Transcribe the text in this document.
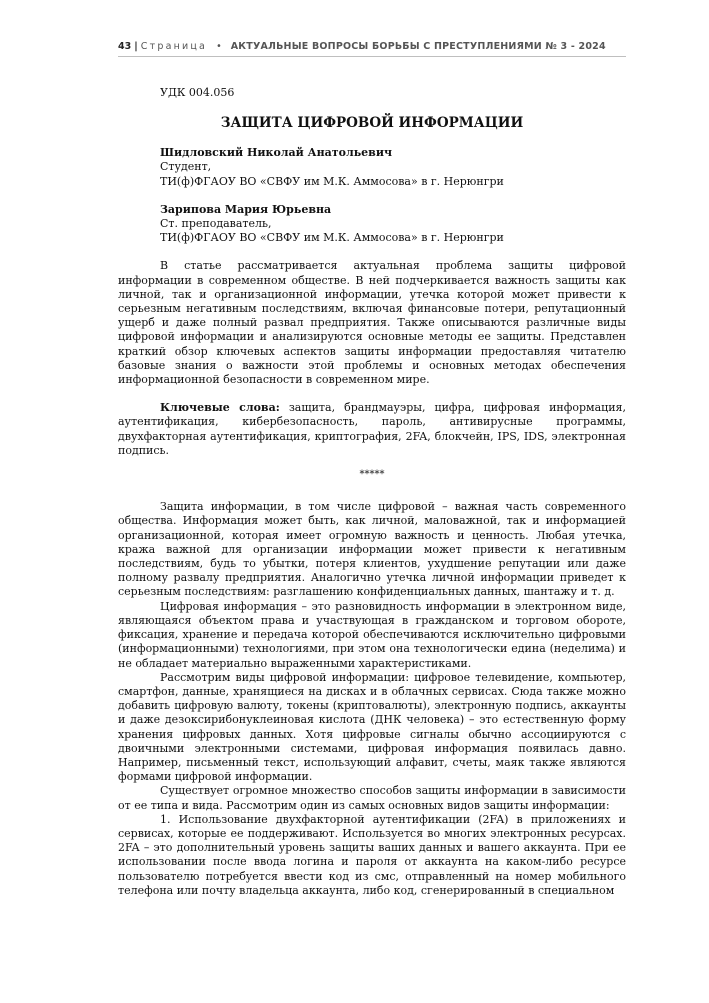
43 | Страница • АКТУАЛЬНЫЕ ВОПРОСЫ БОРЬБЫ С ПРЕСТУПЛЕНИЯМИ № 3 - 2024
УДК 004.056
ЗАЩИТА ЦИФРОВОЙ ИНФОРМАЦИИ
Шидловский Николай Анатольевич
Студент,
ТИ(ф)ФГАОУ ВО «СВФУ им М.К. Аммосова» в г. Нерюнгри
Зарипова Мария Юрьевна
Ст. преподаватель,
ТИ(ф)ФГАОУ ВО «СВФУ им М.К. Аммосова» в г. Нерюнгри

В статье рассматривается актуальная проблема защиты цифровой информации в современном обществе. В ней подчеркивается важность защиты как личной, так и организационной информации, утечка которой может привести к серьезным негативным последствиям, включая финансовые потери, репутационный ущерб и даже полный развал предприятия. Также описываются различные виды цифровой информации и анализируются основные методы ее защиты. Представлен краткий обзор ключевых аспектов защиты информации предоставляя читателю базовые знания о важности этой проблемы и основных методах обеспечения информационной безопасности в современном мире.

Ключевые слова: защита, брандмауэры, цифра, цифровая информация, аутентификация, кибербезопасность, пароль, антивирусные программы, двухфакторная аутентификация, криптография, 2FA, блокчейн, IPS, IDS, электронная подпись.

*****

Защита информации, в том числе цифровой – важная часть современного общества. Информация может быть, как личной, маловажной, так и информацией организационной, которая имеет огромную важность и ценность. Любая утечка, кража важной для организации информации может привести к негативным последствиям, будь то убытки, потеря клиентов, ухудшение репутации или даже полному развалу предприятия. Аналогично утечка личной информации приведет к серьезным последствиям: разглашению конфиденциальных данных, шантажу и т. д.

Цифровая информация – это разновидность информации в электронном виде, являющаяся объектом права и участвующая в гражданском и торговом обороте, фиксация, хранение и передача которой обеспечиваются исключительно цифровыми (информационными) технологиями, при этом она технологически едина (неделима) и не обладает материально выраженными характеристиками.

Рассмотрим виды цифровой информации: цифровое телевидение, компьютер, смартфон, данные, хранящиеся на дисках и в облачных сервисах. Сюда также можно добавить цифровую валюту, токены (криптовалюты), электронную подпись, аккаунты и даже дезоксирибонуклеиновая кислота (ДНК человека) – это естественную форму хранения цифровых данных. Хотя цифровые сигналы обычно ассоциируются с двоичными электронными системами, цифровая информация появилась давно. Например, письменный текст, использующий алфавит, счеты, маяк также являются формами цифровой информации.

Существует огромное множество способов защиты информации в зависимости от ее типа и вида. Рассмотрим один из самых основных видов защиты информации:

1. Использование двухфакторной аутентификации (2FA) в приложениях и сервисах, которые ее поддерживают. Используется во многих электронных ресурсах. 2FA – это дополнительный уровень защиты ваших данных и вашего аккаунта. При ее использовании после ввода логина и пароля от аккаунта на каком-либо ресурсе пользователю потребуется ввести код из смс, отправленный на номер мобильного телефона или почту владельца аккаунта, либо код, сгенерированный в специальном
